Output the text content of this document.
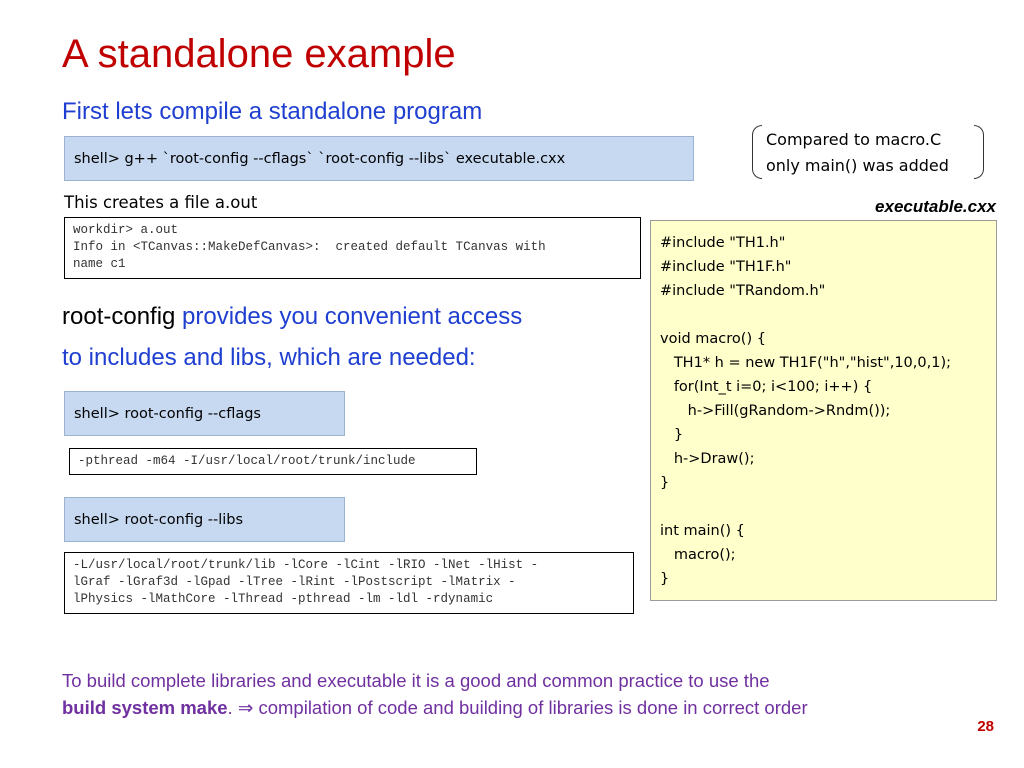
A standalone example
First lets compile a standalone program
shell> g++ `root-config --cflags` `root-config --libs` executable.cxx
Compared to macro.C
only main() was added
This creates a file a.out
workdir> a.out
Info in <TCanvas::MakeDefCanvas>:  created default TCanvas with
name c1
root-config provides you convenient access
to includes and libs, which are needed:
shell> root-config --cflags
-pthread -m64 -I/usr/local/root/trunk/include
shell> root-config --libs
-L/usr/local/root/trunk/lib -lCore -lCint -lRIO -lNet -lHist -
lGraf -lGraf3d -lGpad -lTree -lRint -lPostscript -lMatrix -
lPhysics -lMathCore -lThread -pthread -lm -ldl -rdynamic
executable.cxx
#include "TH1.h"
#include "TH1F.h"
#include "TRandom.h"

void macro() {
TH1* h = new TH1F("h","hist",10,0,1);
for(Int_t i=0; i<100; i++) {
h->Fill(gRandom->Rndm());
}
h->Draw();
}

int main() {
macro();
}
To build complete libraries and executable it is a good and common practice to use the
build system make. ⇒ compilation of code and building of libraries is done in correct order
28
